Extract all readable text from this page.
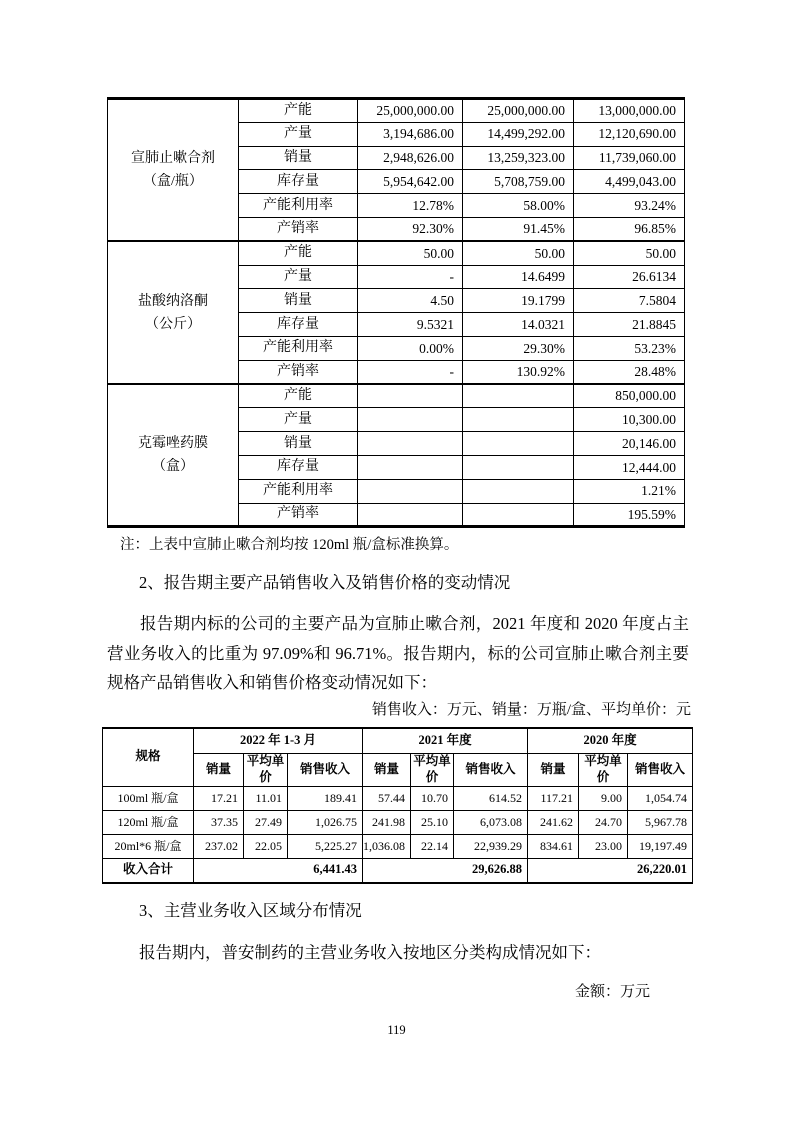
宣肺止嗽合剂
（盒/瓶）	产能	25,000,000.00	25,000,000.00	13,000,000.00
	产量	3,194,686.00	14,499,292.00	12,120,690.00
	销量	2,948,626.00	13,259,323.00	11,739,060.00
	库存量	5,954,642.00	5,708,759.00	4,499,043.00
	产能利用率	12.78%	58.00%	93.24%
	产销率	92.30%	91.45%	96.85%
盐酸纳洛酮
（公斤）	产能	50.00	50.00	50.00
	产量	-	14.6499	26.6134
	销量	4.50	19.1799	7.5804
	库存量	9.5321	14.0321	21.8845
	产能利用率	0.00%	29.30%	53.23%
	产销率	-	130.92%	28.48%
克霉唑药膜
（盒）	产能			850,000.00
	产量			10,300.00
	销量			20,146.00
	库存量			12,444.00
	产能利用率			1.21%
	产销率			195.59%
注：上表中宣肺止嗽合剂均按 120ml 瓶/盒标准换算。
2、报告期主要产品销售收入及销售价格的变动情况
报告期内标的公司的主要产品为宣肺止嗽合剂，2021 年度和 2020 年度占主营业务收入的比重为 97.09%和 96.71%。报告期内，标的公司宣肺止嗽合剂主要规格产品销售收入和销售价格变动情况如下：
销售收入：万元、销量：万瓶/盒、平均单价：元
规格	2022 年 1-3 月			2021 年度			2020 年度		
	销量	平均单价	销售收入	销量	平均单价	销售收入	销量	平均单价	销售收入
100ml 瓶/盒	17.21	11.01	189.41	57.44	10.70	614.52	117.21	9.00	1,054.74
120ml 瓶/盒	37.35	27.49	1,026.75	241.98	25.10	6,073.08	241.62	24.70	5,967.78
20ml*6 瓶/盒	237.02	22.05	5,225.27	1,036.08	22.14	22,939.29	834.61	23.00	19,197.49
收入合计	6,441.43			29,626.88			26,220.01		
3、主营业务收入区域分布情况
报告期内，普安制药的主营业务收入按地区分类构成情况如下：
金额：万元
119
